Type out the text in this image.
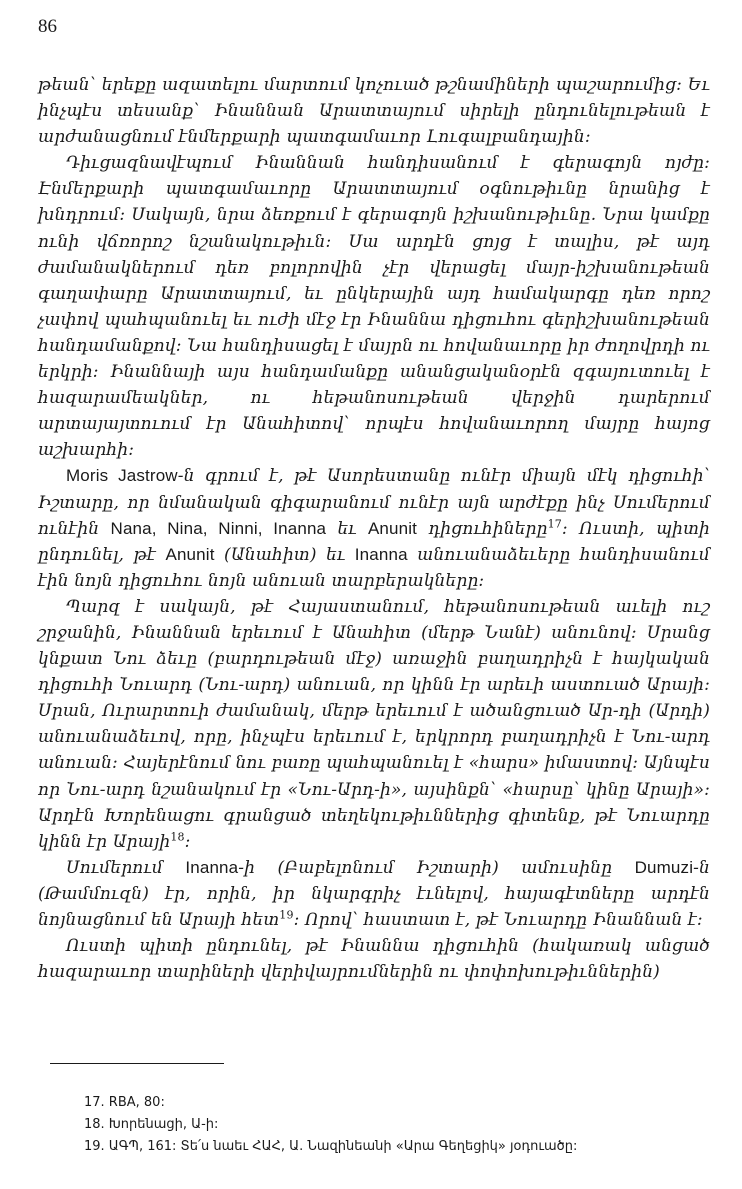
86

թեան՝ երեքը ազատելու մարտում կոչուած թշնամիների պաշարումից: Եւ ինչպէս տեսանք՝ Ինաննան Արատտայում սիրելի ընդունելութեան է արժանացնում էնմերքարի պատգամաւոր Լուգալբանդային:

Դիւցազնավէպում Ինաննան հանդիսանում է գերագոյն ոյժը: Էնմերքարի պատգամաւորը Արատտայում օգնութիւնը նրանից է խնդրում: Սակայն, նրա ձեռքում է գերագոյն իշխանութիւնը. Նրա կամքը ունի վճռորոշ նշանակութիւն: Սա արդէն ցոյց է տալիս, թէ այդ ժամանակներում դեռ բոլորովին չէր վերացել մայր-իշխանութեան գաղափարը Արատտայում, եւ ընկերային այդ համակարգը դեռ որոշ չափով պահպանուել եւ ուժի մէջ էր Ինաննա դիցուհու գերիշխանութեան հանդամանքով: Նա հանդիսացել է մայրն ու հովանաւորը իր ժողովրդի ու երկրի: Ինաննայի այս հանդամանքը անանցականօրէն զգայուտուել է հազարամեակներ, ու հեթանոսութեան վերջին դարերում արտայայտուում էր Անահիտով՝ որպէս հովանաւորող մայրը հայոց աշխարհի:

Moris Jastrow-ն գրում է, թէ Ասորեստանը ունէր միայն մէկ դիցուհի՝ Իշտարը, որ նմանական գիգարանում ունէր այն արժէքը ինչ Սումերում ունէին Nana, Nina, Ninni, Inanna եւ Anunit դիցուհիները$^{17}$: Ուստի, պիտի ընդունել, թէ Anunit (Անահիտ) եւ Inanna անուանաձեւերը հանդիսանում էին նոյն դիցուհու նոյն անուան տարբերակները:

Պարզ է սակայն, թէ Հայաստանում, հեթանոսութեան աւելի ուշ շրջանին, Ինաննան երեւում է Անահիտ (մերթ Նանէ) անունով: Սրանց կնքատ Նու ձեւը (բարդութեան մէջ) առաջին բաղադրիչն է հայկական դիցուհի Նուարդ (Նու-արդ) անուան, որ կինն էր արեւի աստուած Արայի: Սրան, Ուրարտուի ժամանակ, մերթ երեւում է ածանցուած Ար-դի (Արդի) անուանաձեւով, որը, ինչպէս երեւում է, երկրորդ բաղադրիչն է Նու-արդ անուան: Հայերէնում նու բառը պահպանուել է «հարս» իմաստով: Այնպէս որ Նու-արդ նշանակում էր «Նու-Արդ-ի», այսինքն՝ «հարսը՝ կինը Արայի»: Արդէն Խորենացու գրանցած տեղեկութիւններից գիտենք, թէ Նուարդը կինն էր Արայի$^{18}$:

Սումերում Inanna-ի (Բաբելոնում Իշտարի) ամուսինը Dumuzi-ն (Թամմուզն) էր, որին, իր նկարգրիչ էւնելով, հայագէտները արդէն նոյնացնում են Արայի հետ$^{19}$: Որով՝ հաստատ է, թէ Նուարդը Ինաննան է:

Ուստի պիտի ընդունել, թէ Ինաննա դիցուհին (հակառակ անցած հազարաւոր տարիների վերիվայրումներին ու փոփոխութիւններին)

17. RBA, 80:
18. Խորենացի, Ա-ի:
19. ԱԳՊ, 161: Տե՛ս նաեւ ՀԱՀ, Ա. Նազինեանի «Արա Գեղեցիկ» յօդուածը:
